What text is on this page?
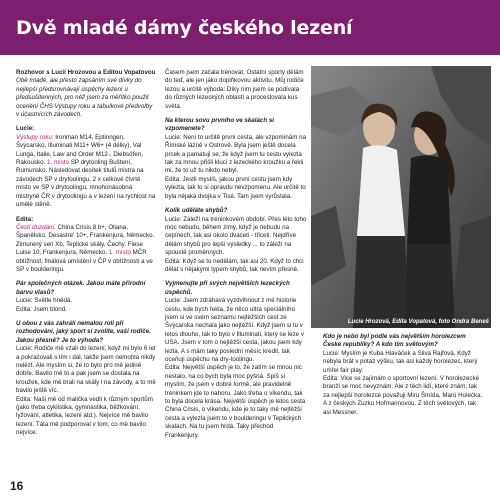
Dvě mladé dámy českého lezení

Rozhovor s Lucií Hrozovou a Editou Vopatovou

Obě mladé, ale přesto zapsáním své dívky do nejlepší předsrovnávají úspěchy lezení u předsušitenných, pro něž jsem za měřítko použil ocenění ČHS Výstupy roku a tabulkové předvolby v účastnících závodech.

Lucie:

Výstupy roku: Ironman M14, Eptinngen, Švýcarsko, Illuminati M11+ W6+ (4 délky), Val Lunga, Italie, Law and Order M12-, Diebsöfen, Rakousko. 1. místo SP drytooling Buštení, Rumunsko. Následovat desítek titulů mistra na závodech SP v drytoolingu, 2 x celkové čtvrté místo ve SP v drytoolingu, mnohonásobná mistryně ČR v drytoolingu a v lezení na rychlost na umělé stěně.

Edita:

Čestí duzdání. China Crisis 8 b+, Oliana, Španělsko. Desastre' 10+, Frankenjura, Německo. Zimurený sen Xb, Teplické skály, Čechy. Fiese Luise 10, Frankenjura, Německo. 1. místo MČR obtížnost, finálová umístění v ČP v obtížnosti a ve SP v boulderingu.

Pár společných otázek. Jakou máte přírodní barvu vlasů?

Lucie: Světle hnědá.

Edita: Jsem blond.

U obou z vás zahrálí nemalou roli při rozhodování, jaký sport si zvolíte, vaši rodiče. Jakou přesně? Je to výhoda?

Lucie: Rodiče mě vzali do lezení, když mi bylo 6 let a pokračovali s tím i dál, takže jsem nemohla nikdy nelézt. Ale myslím si, že to bylo pro mě jedině dobře. Bavilo mě to a pak jsem se dostala na kroužek, kde mě brali na skály i na závody, a to mě bavilo ještě víc.

Edita: Naši mě od malička vedli k různým sportům (jako třeba cyklistika, gymnastika, běžkování, lyžování, atletika, lezení atd.). Nejvíce mě bavilo lezení. Táta mě podporoval v tom, co mě bavilo nejvíce.

Časem jsem začala trénovat. Ostatní sporty dělám do teď, ale jen jako doplňkovou aktivitu. Můj rodiče lezou a určitě výhoda: Díky nim jsem se podívala do různých lezeckých oblastí a procestovala kus světa.

Na kterou sovu prvního ve skalách si vzpomenete?

Lucie: Není to určitě první cesta, ale vzpomínám na Římské lázně v Ostrově. Byla jsem ještě docela prcek a pamatuji se, že když jsem tu cestu vylezla tak za mnou přišli kluci z lezeckého kroužku a řekli mi, že to už tu nikdo nebyl.

Edita: Jestli myslíš, jakou první cestu jsem kdy vylezla, tak to si opravdu nevzpomenu. Ale určitě to byla nějaká dvojka v Tisé. Tam jsem vyrůstala.

Kolik uděláte shybů?

Lucie: Záleží na tréninkovém období. Přes léto toho moc nebudu, během zimy, když je nebudu na cepínech, tak asi okolo dvaceti - třiceti. Nejdříve dělám shybů pro lepší výsledky ... to záleží na spoustě proměnných.

Edita: Když se to nedělám, tak asi 20. Když to chci dělat s nějakými typem shybů, tak nevím přesně.

Vyjmenujte při svých největších lezeckých úspěchů.

Lucie: Jsem zdráhavá vyzdvihnout z mé historie cestu, kde bych řekla, že něco ultra speciálního jsem si ve svém seznamu nejtěžších cest ze Švýcarska nechala jako nejtěžší. Když jsem si tu v letos dlouho, tak to bylo v Illuminati, který se leze v USA. Jsem v tom o nejtěžší cesta, jakou jsem kdy lezla. A s mám taky poslední měsíc kredit, tak oceňuji úspěchu na dry-toolingu.

Edita: Největší úspěch je to, že zatím se mnou nic nestalo, na co bych byla moc pyšná. Spíš si myslím, že jsem v dobré formě, ale pravidelně tréninkem jde to nahoru. Jako třeba o víkendu, tak to byla docela krása. Největší úspěch je letos cesta China Crisis, o víkendu, kde je to taky mé nejtěžší cesta a vylezla jsem to v boulderingu v Teplických skalách. Na tu jsem hrdá. Taky přechod Frankenjury.

Lucie Hrozová, Edita Vopatová, foto Ondra Beneš

Kdo je nebo byl podle vás největším horolezcem České republiky? A kdo tím světovým?

Lucie: Myslím je Kuba Hlaváček a Silva Rajfová. Když nebyla brát v potaz výšku, tak asi každý horolezec, který umřel fair play.

Edita: Vice se zajímám o sportovní lezení. V horolezecké branži se moc nevyznám. Ale z těch lidí, které znám, tak za nejlepší horolezce považuji Miru Šmída, Marú Holečka. A z českých Zuzku Hofmannovou. Z těch světových, tak asi Messner.

16
